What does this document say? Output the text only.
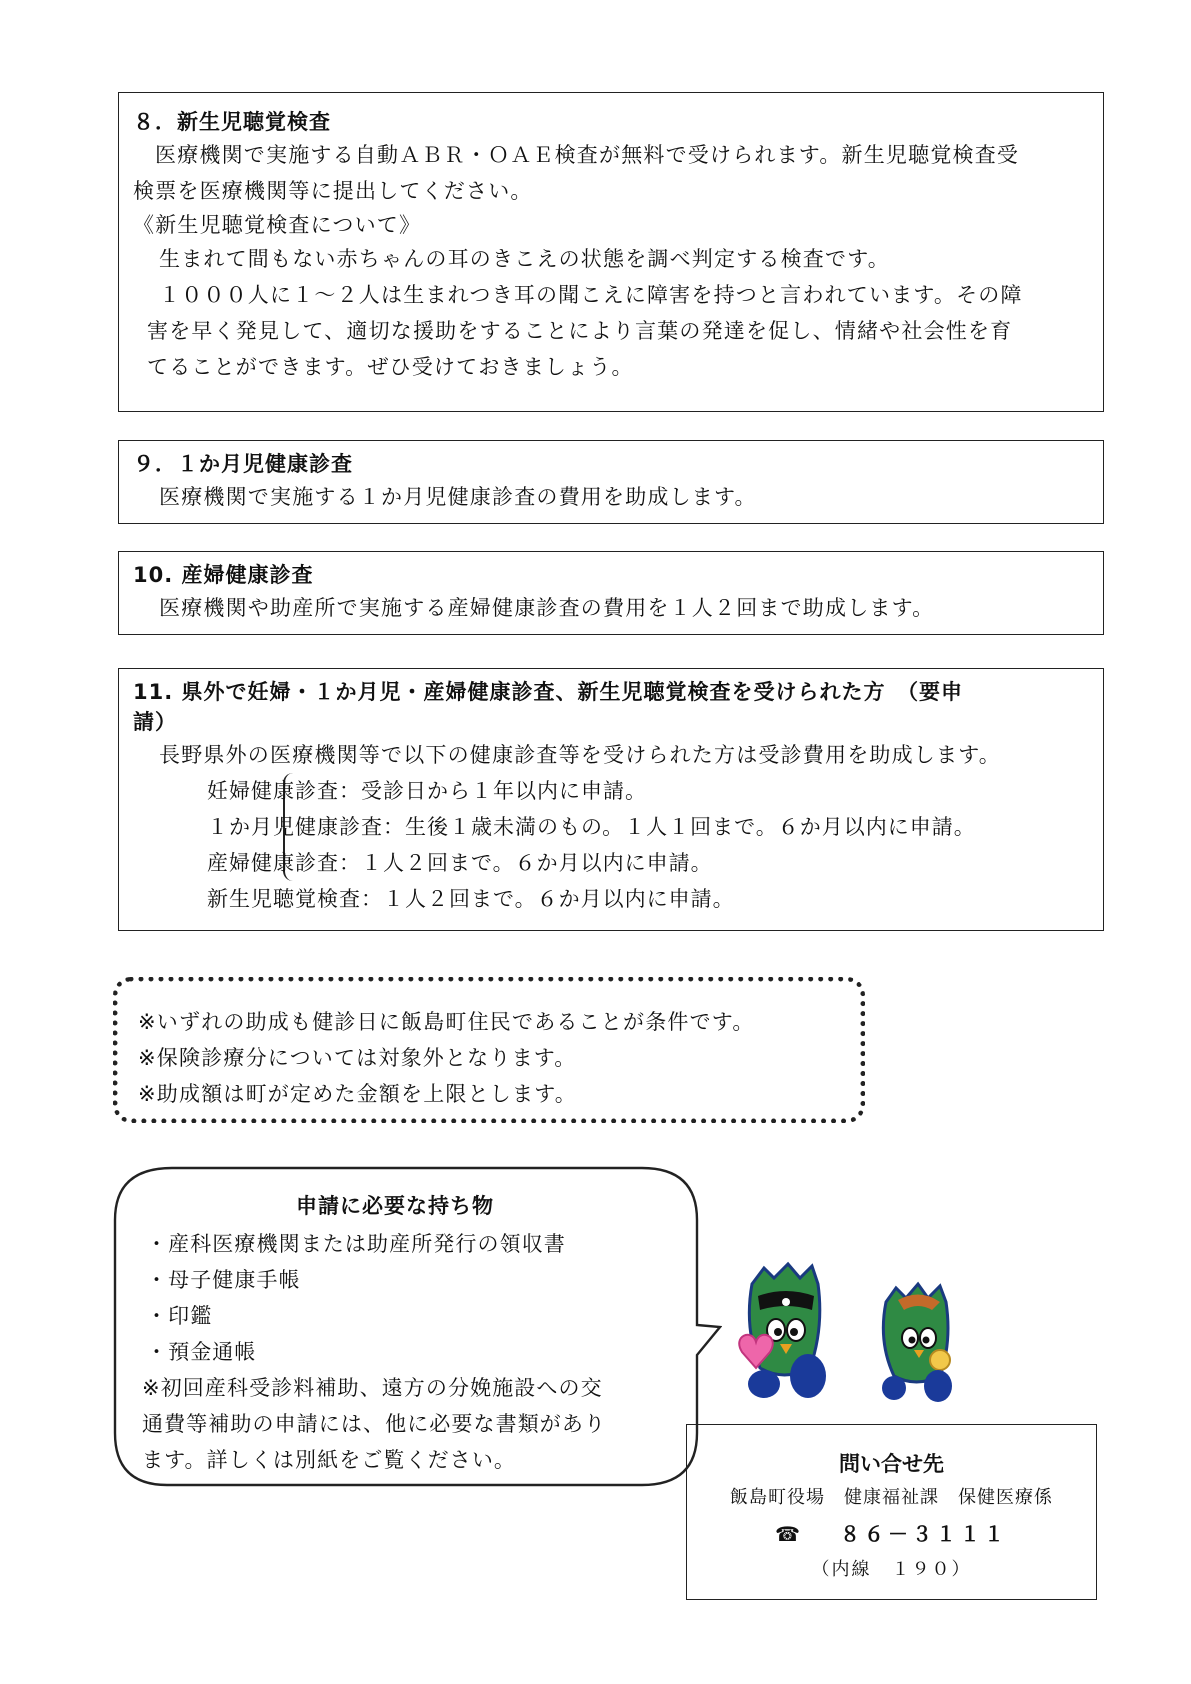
８．新生児聴覚検査

医療機関で実施する自動ＡＢＲ・ＯＡＥ検査が無料で受けられます。新生児聴覚検査受

検票を医療機関等に提出してください。

《新生児聴覚検査について》

生まれて間もない赤ちゃんの耳のきこえの状態を調べ判定する検査です。

１０００人に１～２人は生まれつき耳の聞こえに障害を持つと言われています。その障

害を早く発見して、適切な援助をすることにより言葉の発達を促し、情緒や社会性を育

てることができます。ぜひ受けておきましょう。

９．１か月児健康診査

医療機関で実施する１か月児健康診査の費用を助成します。

10. 産婦健康診査

医療機関や助産所で実施する産婦健康診査の費用を１人２回まで助成します。

11. 県外で妊婦・１か月児・産婦健康診査、新生児聴覚検査を受けられた方　（要申
請）

長野県外の医療機関等で以下の健康診査等を受けられた方は受診費用を助成します。

妊婦健康診査：受診日から１年以内に申請。
１か月児健康診査：生後１歳未満のもの。１人１回まで。６か月以内に申請。
産婦健康診査：１人２回まで。６か月以内に申請。
新生児聴覚検査：１人２回まで。６か月以内に申請。

※いずれの助成も健診日に飯島町住民であることが条件です。

※保険診療分については対象外となります。

※助成額は町が定めた金額を上限とします。

申請に必要な持ち物

・産科医療機関または助産所発行の領収書

・母子健康手帳

・印鑑

・預金通帳

※初回産科受診料補助、遠方の分娩施設への交

通費等補助の申請には、他に必要な書類があり

ます。詳しくは別紙をご覧ください。	問い合せ先
飯島町役場　健康福祉課　保健医療係
☎ ８６－３１１１
（内線　１９０）
